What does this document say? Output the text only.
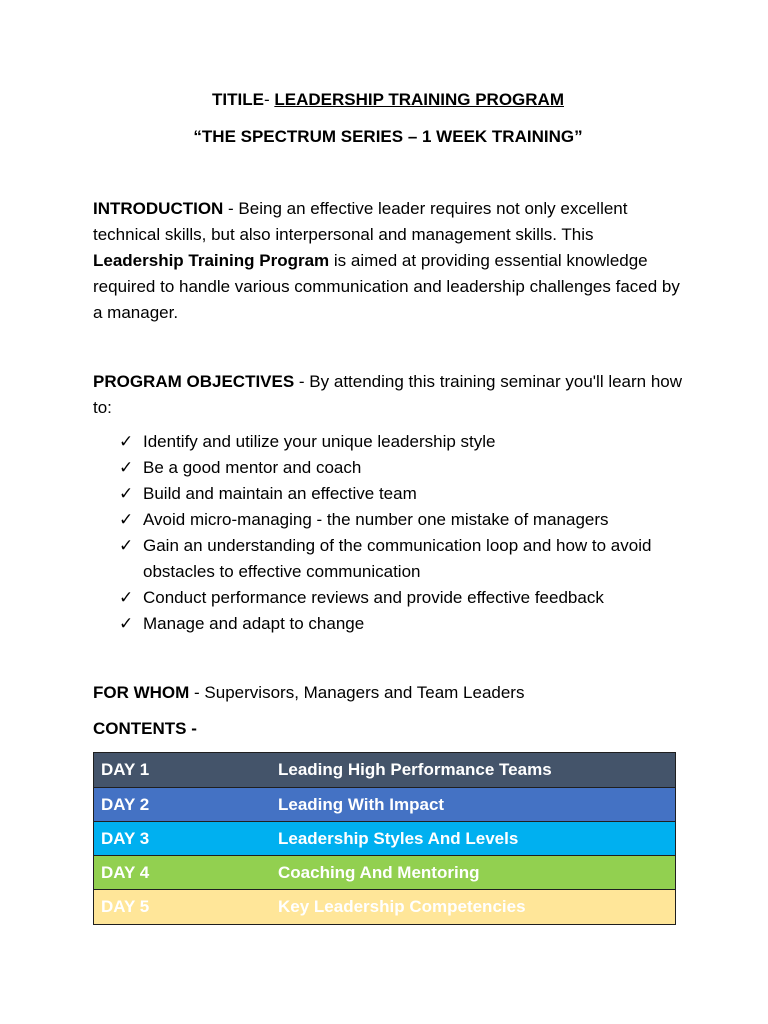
TITILE- LEADERSHIP TRAINING PROGRAM

“THE SPECTRUM SERIES – 1 WEEK TRAINING”

INTRODUCTION - Being an effective leader requires not only excellent technical skills, but also interpersonal and management skills. This Leadership Training Program is aimed at providing essential knowledge required to handle various communication and leadership challenges faced by a manager.

PROGRAM OBJECTIVES - By attending this training seminar you'll learn how to:

✓ Identify and utilize your unique leadership style
✓ Be a good mentor and coach
✓ Build and maintain an effective team
✓ Avoid micro-managing - the number one mistake of managers
✓ Gain an understanding of the communication loop and how to avoid obstacles to effective communication
✓ Conduct performance reviews and provide effective feedback
✓ Manage and adapt to change

FOR WHOM - Supervisors, Managers and Team Leaders

CONTENTS -

DAY 1	Leading High Performance Teams
DAY 2	Leading With Impact
DAY 3	Leadership Styles And Levels
DAY 4	Coaching And Mentoring
DAY 5	Key Leadership Competencies
